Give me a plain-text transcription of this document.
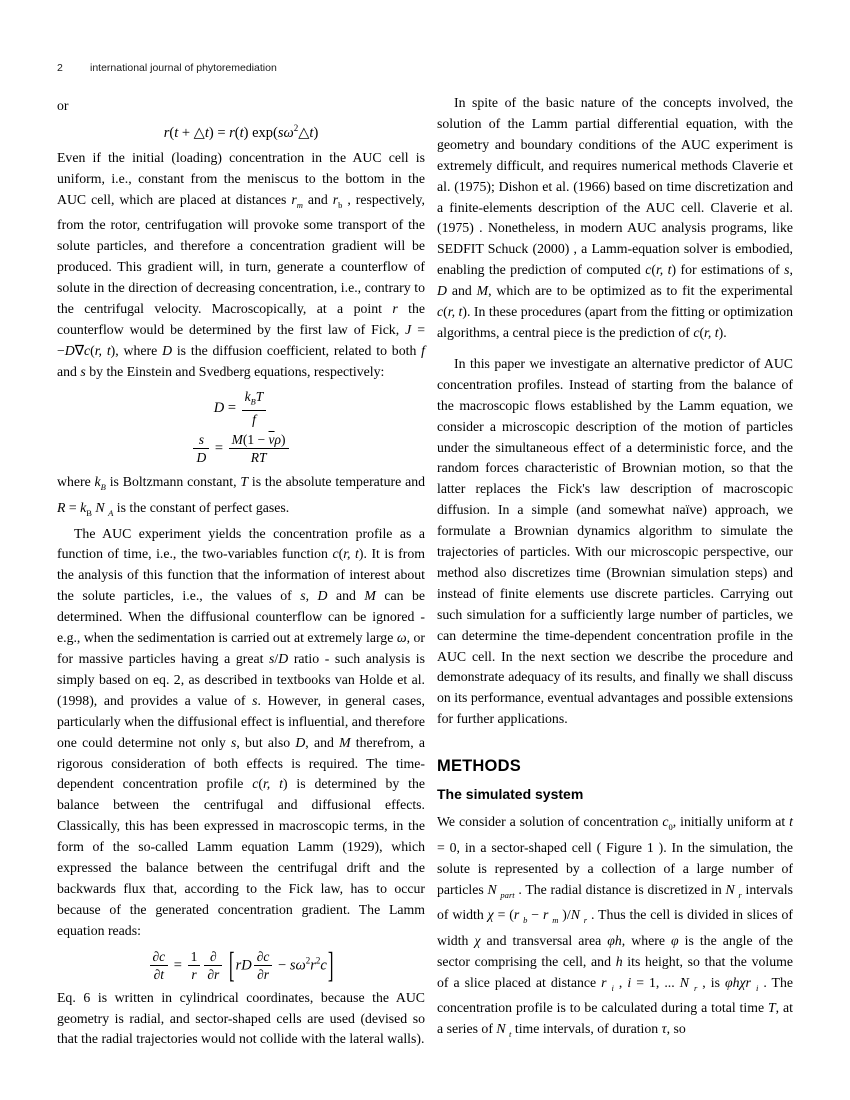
2	international journal of phytoremediation
or
r(t + △t) = r(t) $\exp(s\omega^2\triangle t)$

Even if the initial (loading) concentration in the AUC cell is uniform, i.e., constant from the meniscus to the bottom in the AUC cell, which are placed at distances $r_m$ and $r_b$ , respectively, from the rotor, centrifugation will provoke some transport of the solute particles, and therefore a concentration gradient will be produced. This gradient will, in turn, generate a counterflow of solute in the direction of decreasing concentration, i.e., contrary to the centrifugal velocity. Macroscopically, at a point r the counterflow would be determined by the first law of Fick, J = −D∇c(r, t), where D is the diffusion coefficient, related to both f and s by the Einstein and Svedberg equations, respectively:

$D = \frac{k_BT}{f}$
$\frac{s}{D} = \frac{M(1 - \overline{v}\rho)}{RT}$

where $k_B$ is Boltzmann constant, T is the absolute temperature and $R = k_B$ N $_A$ is the constant of perfect gases.

The AUC experiment yields the concentration profile as a function of time, i.e., the two-variables function c(r, t). It is from the analysis of this function that the information of interest about the solute particles, i.e., the values of s, D and M can be determined. When the diffusional counterflow can be ignored - e.g., when the sedimentation is carried out at extremely large ω, or for massive particles having a great s/D ratio - such analysis is simply based on eq. 2, as described in textbooks van Holde et al. (1998), and provides a value of s. However, in general cases, particularly when the diffusional effect is influential, and therefore one could determine not only s, but also D, and M therefrom, a rigorous consideration of both effects is required. The time-dependent concentration profile c(r, t) is determined by the balance between the centrifugal and diffusional effects. Classically, this has been expressed in macroscopic terms, in the form of the so-called Lamm equation Lamm (1929), which expressed the balance between the centrifugal drift and the backwards flux that, according to the Fick law, has to occur because of the generated concentration gradient. The Lamm equation reads:

$\frac{\partial c}{\partial t} = \frac{1}{r} \frac{\partial}{\partial r} [rD \frac{\partial c}{\partial r} - s\omega^2r^2c]$

Eq. 6 is written in cylindrical coordinates, because the AUC geometry is radial, and sector-shaped cells are used (devised so that the radial trajectories would not collide with the lateral walls).

In spite of the basic nature of the concepts involved, the solution of the Lamm partial differential equation, with the geometry and boundary conditions of the AUC experiment is extremely difficult, and requires numerical methods Claverie et al. (1975); Dishon et al. (1966) based on time discretization and a finite-elements description of the AUC cell. Claverie et al. (1975) . Nonetheless, in modern AUC analysis programs, like SEDFIT Schuck (2000) , a Lamm-equation solver is embodied, enabling the prediction of computed c(r, t) for estimations of s, D and M, which are to be optimized as to fit the experimental c(r, t). In these procedures (apart from the fitting or optimization algorithms, a central piece is the prediction of c(r, t).

In this paper we investigate an alternative predictor of AUC concentration profiles. Instead of starting from the balance of the macroscopic flows established by the Lamm equation, we consider a microscopic description of the motion of particles under the simultaneous effect of a deterministic force, and the random forces characteristic of Brownian motion, so that the latter replaces the Fick's law description of macroscopic diffusion. In a simple (and somewhat naïve) approach, we formulate a Brownian dynamics algorithm to simulate the trajectories of particles. With our microscopic perspective, our method also discretizes time (Brownian simulation steps) and instead of finite elements use discrete particles. Carrying out such simulation for a sufficiently large number of particles, we can determine the time-dependent concentration profile in the AUC cell. In the next section we describe the procedure and demonstrate adequacy of its results, and finally we shall discuss on its performance, eventual advantages and possible extensions for further applications.

METHODS
The simulated system

We consider a solution of concentration $c_0$, initially uniform at t = 0, in a sector-shaped cell ( Figure 1 ). In the simulation, the solute is represented by a collection of a large number of particles N $_{part}$ . The radial distance is discretized in N $_r$ intervals of width χ = (r $_b$ − r $_m$ )/N $_r$ . Thus the cell is divided in slices of width χ and transversal area φh, where φ is the angle of the sector comprising the cell, and h its height, so that the volume of a slice placed at distance r $_i$ , i = 1, ... N $_r$ , is φhχr $_i$ . The concentration profile is to be calculated during a total time T, at a series of N $_t$ time intervals, of duration τ, so
